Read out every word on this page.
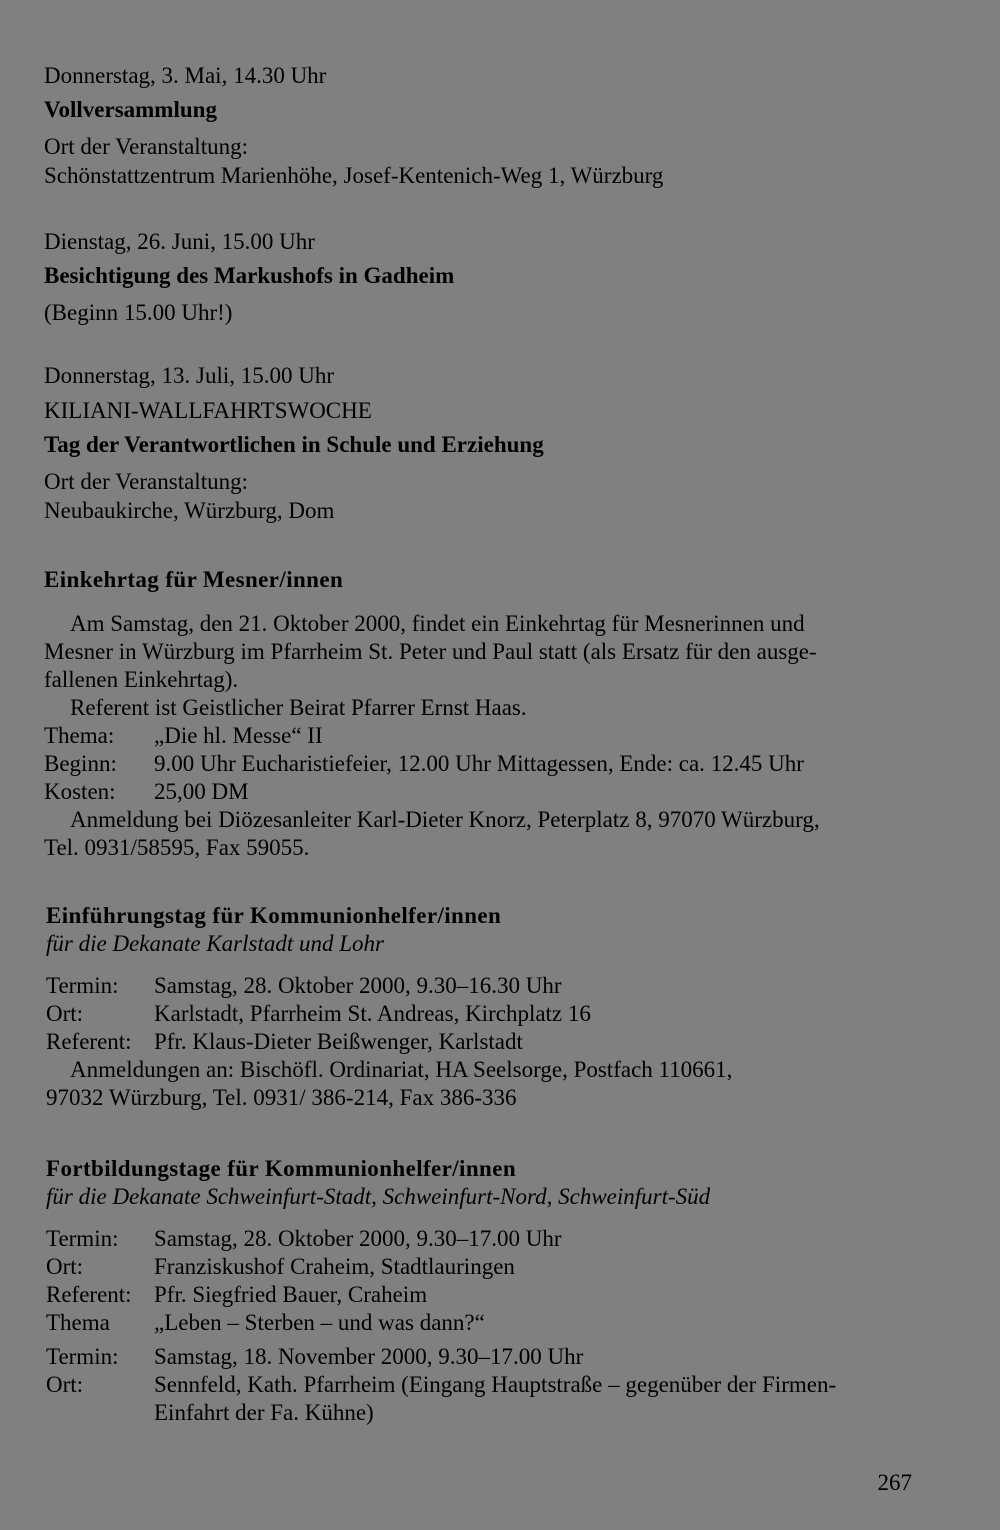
Donnerstag, 3. Mai, 14.30 Uhr
Vollversammlung
Ort der Veranstaltung:
Schönstattzentrum Marienhöhe, Josef-Kentenich-Weg 1, Würzburg
Dienstag, 26. Juni, 15.00 Uhr
Besichtigung des Markushofs in Gadheim
(Beginn 15.00 Uhr!)
Donnerstag, 13. Juli, 15.00 Uhr
KILIANI-WALLFAHRTSWOCHE
Tag der Verantwortlichen in Schule und Erziehung
Ort der Veranstaltung:
Neubaukirche, Würzburg, Dom
Einkehrtag für Mesner/innen
Am Samstag, den 21. Oktober 2000, findet ein Einkehrtag für Mesnerinnen und
Mesner in Würzburg im Pfarrheim St. Peter und Paul statt (als Ersatz für den ausge-
fallenen Einkehrtag).
Referent ist Geistlicher Beirat Pfarrer Ernst Haas.
Thema: „Die hl. Messe“ II
Beginn: 9.00 Uhr Eucharistiefeier, 12.00 Uhr Mittagessen, Ende: ca. 12.45 Uhr
Kosten: 25,00 DM
Anmeldung bei Diözesanleiter Karl-Dieter Knorz, Peterplatz 8, 97070 Würzburg,
Tel. 0931/58595, Fax 59055.
Einführungstag für Kommunionhelfer/innen
für die Dekanate Karlstadt und Lohr
Termin: Samstag, 28. Oktober 2000, 9.30–16.30 Uhr
Ort:	Karlstadt, Pfarrheim St. Andreas, Kirchplatz 16
Referent: Pfr. Klaus-Dieter Beißwenger, Karlstadt
Anmeldungen an: Bischöfl. Ordinariat, HA Seelsorge, Postfach 110661,
97032 Würzburg, Tel. 0931/ 386-214, Fax 386-336
Fortbildungstage für Kommunionhelfer/innen
für die Dekanate Schweinfurt-Stadt, Schweinfurt-Nord, Schweinfurt-Süd
Termin: Samstag, 28. Oktober 2000, 9.30–17.00 Uhr
Ort:	Franziskushof Craheim, Stadtlauringen
Referent: Pfr. Siegfried Bauer, Craheim
Thema „Leben – Sterben – und was dann?“
Termin: Samstag, 18. November 2000, 9.30–17.00 Uhr
Ort:	Sennfeld, Kath. Pfarrheim (Eingang Hauptstraße – gegenüber der Firmen-
Einfahrt der Fa. Kühne)
267
